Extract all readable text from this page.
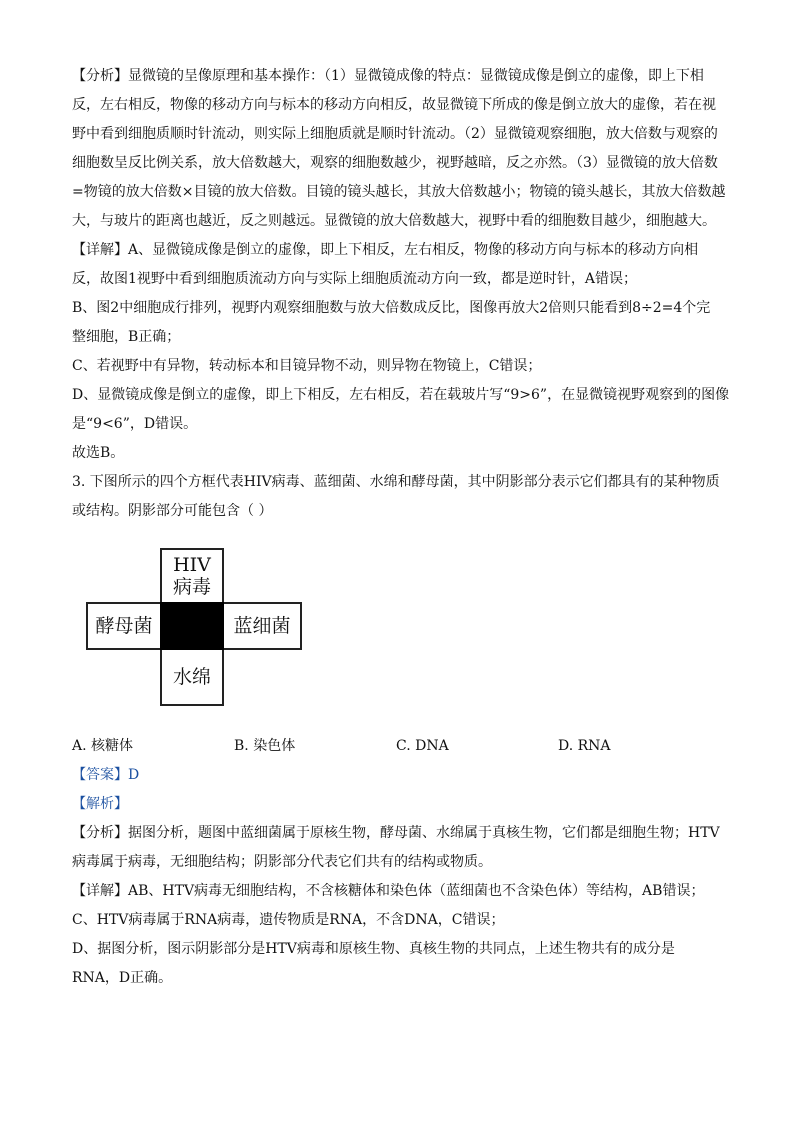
【分析】显微镜的呈像原理和基本操作：（1）显微镜成像的特点：显微镜成像是倒立的虚像，即上下相

反，左右相反，物像的移动方向与标本的移动方向相反，故显微镜下所成的像是倒立放大的虚像，若在视

野中看到细胞质顺时针流动，则实际上细胞质就是顺时针流动。（2）显微镜观察细胞，放大倍数与观察的

细胞数呈反比例关系，放大倍数越大，观察的细胞数越少，视野越暗，反之亦然。（3）显微镜的放大倍数

=物镜的放大倍数×目镜的放大倍数。目镜的镜头越长，其放大倍数越小；物镜的镜头越长，其放大倍数越

大，与玻片的距离也越近，反之则越远。显微镜的放大倍数越大，视野中看的细胞数目越少，细胞越大。

【详解】A、显微镜成像是倒立的虚像，即上下相反，左右相反，物像的移动方向与标本的移动方向相

反，故图1视野中看到细胞质流动方向与实际上细胞质流动方向一致，都是逆时针，A错误；

B、图2中细胞成行排列，视野内观察细胞数与放大倍数成反比，图像再放大2倍则只能看到8÷2=4个完

整细胞，B正确；

C、若视野中有异物，转动标本和目镜异物不动，则异物在物镜上，C错误；

D、显微镜成像是倒立的虚像，即上下相反，左右相反，若在载玻片写“9>6”，在显微镜视野观察到的图像

是“9<6”，D错误。

故选B。

3. 下图所示的四个方框代表HIV病毒、蓝细菌、水绵和酵母菌，其中阴影部分表示它们都具有的某种物质

或结构。阴影部分可能包含（ ）

HIV
病毒
酵母菌	蓝细菌
水绵
A. 核糖体	B. 染色体	C. DNA	D. RNA

【答案】D

【解析】

【分析】据图分析，题图中蓝细菌属于原核生物，酵母菌、水绵属于真核生物，它们都是细胞生物；HTV

病毒属于病毒，无细胞结构；阴影部分代表它们共有的结构或物质。

【详解】AB、HTV病毒无细胞结构，不含核糖体和染色体（蓝细菌也不含染色体）等结构，AB错误；

C、HTV病毒属于RNA病毒，遗传物质是RNA，不含DNA，C错误；

D、据图分析，图示阴影部分是HTV病毒和原核生物、真核生物的共同点，上述生物共有的成分是

RNA，D正确。
